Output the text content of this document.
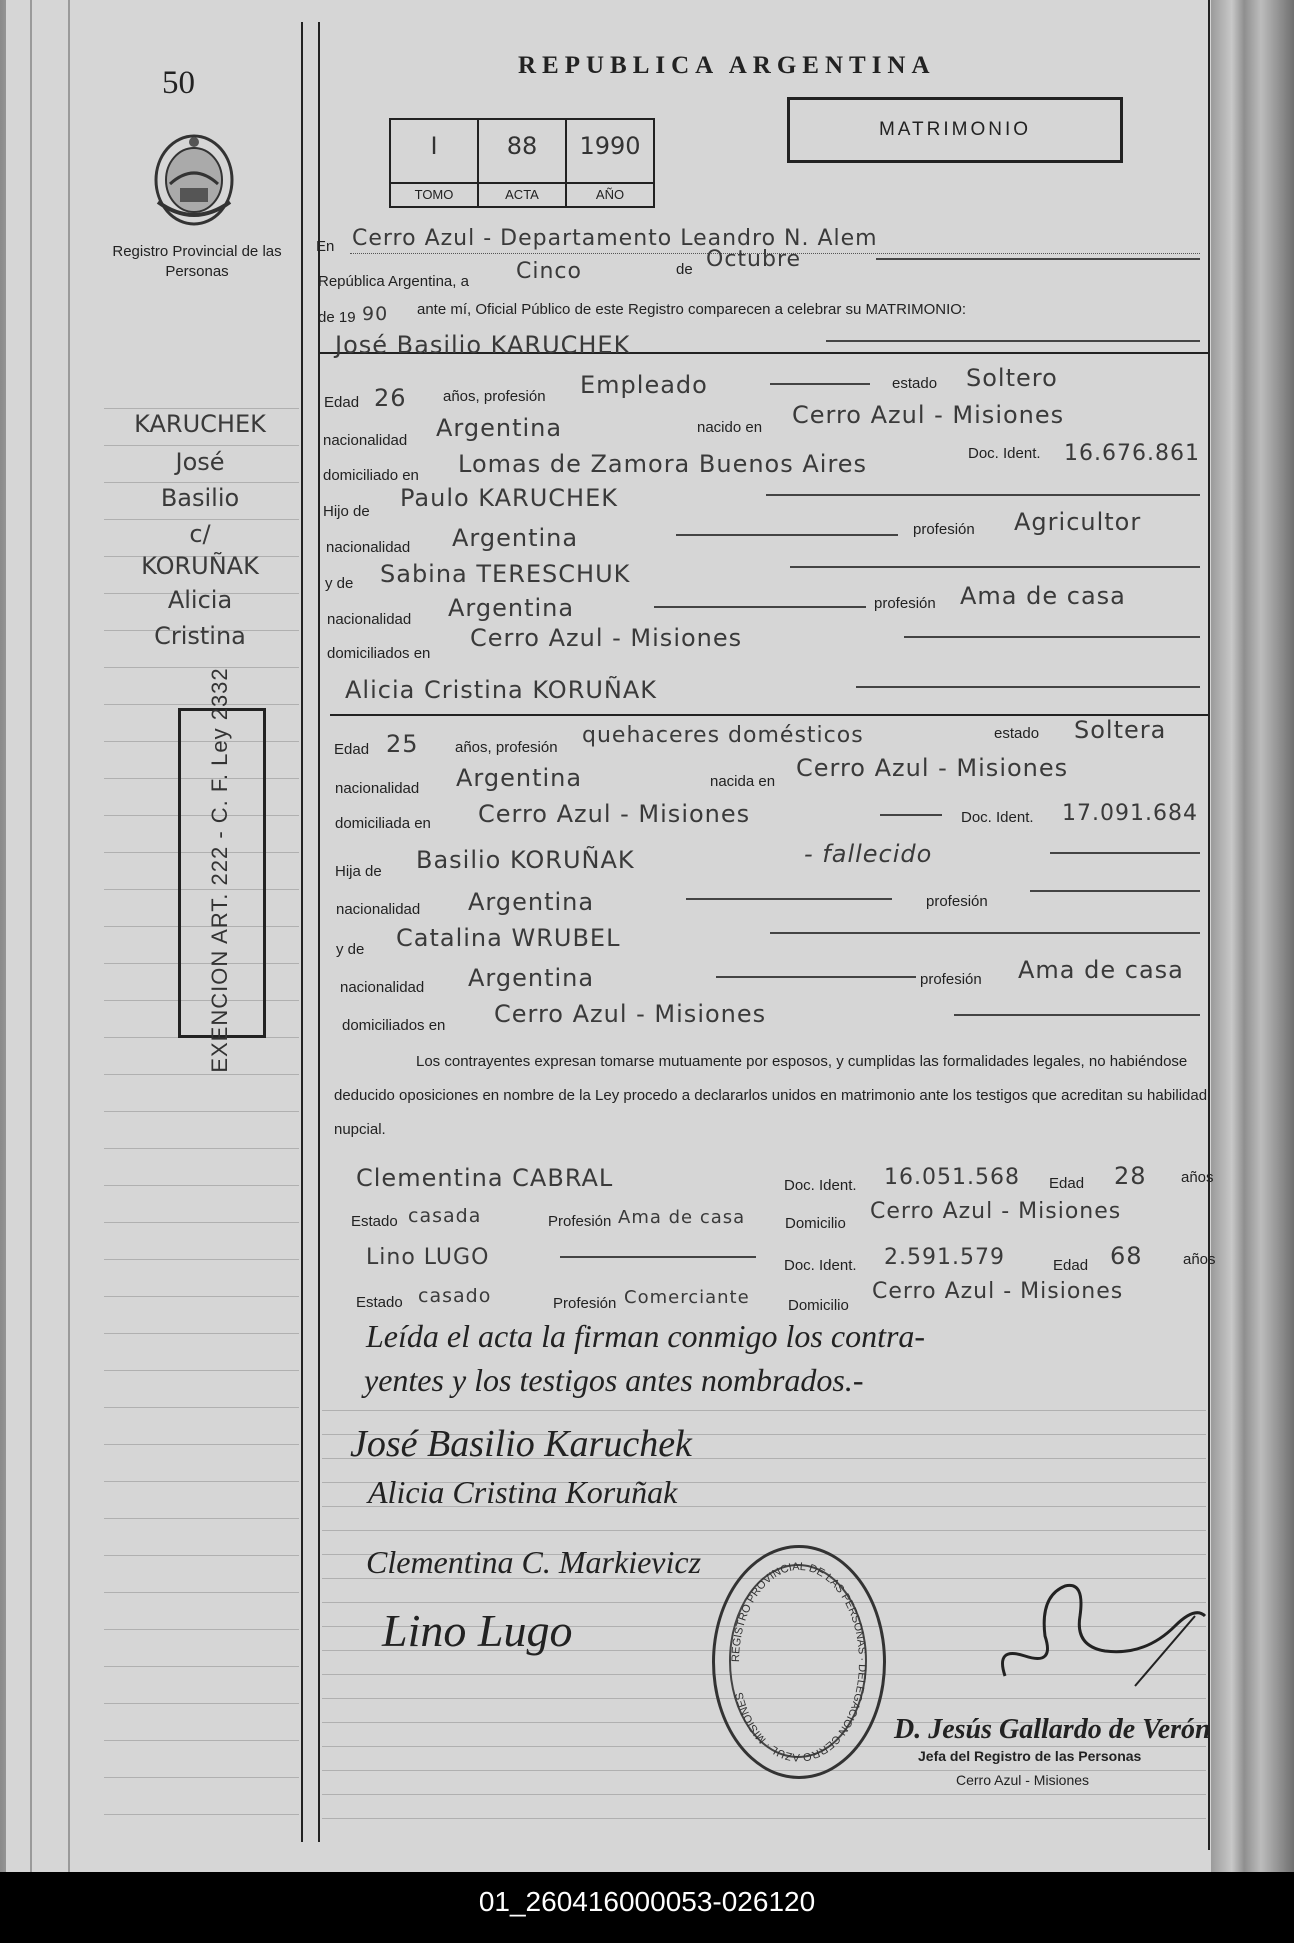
50
Registro Provincial de las Personas
REPUBLICA ARGENTINA
I
TOMO
88
ACTA
1990
AÑO
MATRIMONIO
KARUCHEK
José
Basilio
c/
KORUÑAK
Alicia
Cristina
EXENCION ART. 222 - C. F. Ley 2332
En Cerro Azul - Departamento Leandro N. Alem
República Argentina, a Cinco	de Octubre
de 19 90 ante mí, Oficial Público de este Registro comparecen a celebrar su MATRIMONIO:
José Basilio KARUCHEK
Edad 26 años, profesión Empleado	estado Soltero
nacionalidad Argentina	nacido en Cerro Azul - Misiones
domiciliado en Lomas de Zamora Buenos Aires	Doc. Ident. 16.676.861
Hijo de Paulo KARUCHEK
nacionalidad Argentina	profesión Agricultor
y de Sabina TERESCHUK
nacionalidad Argentina	profesión Ama de casa
domiciliados en
Cerro Azul - Misiones
Alicia Cristina KORUÑAK
Edad 25 años, profesión quehaceres domésticos	estado Soltera
nacionalidad Argentina	nacida en Cerro Azul - Misiones
domiciliada en Cerro Azul - Misiones	Doc. Ident. 17.091.684
Hija de Basilio KORUÑAK	- fallecido
nacionalidad Argentina	profesión
y de Catalina WRUBEL
nacionalidad Argentina	profesión Ama de casa
domiciliados en Cerro Azul - Misiones
Los contrayentes expresan tomarse mutuamente por esposos, y cumplidas las formalidades legales, no habiéndose deducido oposiciones en nombre de la Ley procedo a declararlos unidos en matrimonio ante los testigos que acreditan su habilidad nupcial.
Clementina CABRAL	Doc. Ident. 16.051.568 Edad 28 años
Estado casada	Profesión Ama de casa	Domicilio Cerro Azul - Misiones
Lino LUGO	Doc. Ident. 2.591.579	Edad 68	años
Estado casado	Profesión Comerciante	Domicilio
Cerro Azul - Misiones
Leída el acta la firman conmigo los contra-
yentes y los testigos antes nombrados.-
José Basilio Karuchek
Alicia Cristina Koruñak
Clementina C. Markievicz
Lino Lugo
REGISTRO PROVINCIAL DE LAS PERSONAS · DELEGACION CERRO AZUL · MISIONES
D. Jesús Gallardo de Verón
Jefa del Registro de las Personas
Cerro Azul - Misiones
01_260416000053-026120
